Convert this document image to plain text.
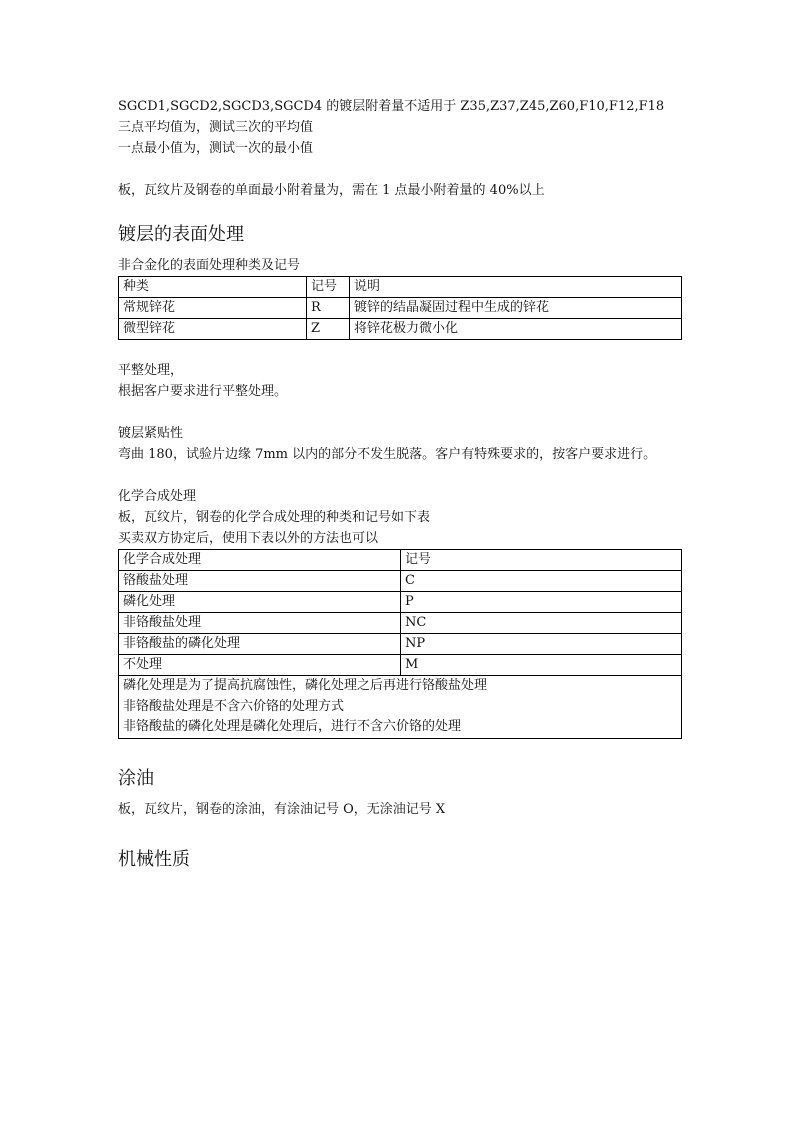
SGCD1,SGCD2,SGCD3,SGCD4 的镀层附着量不适用于 Z35,Z37,Z45,Z60,F10,F12,F18
三点平均值为，测试三次的平均值
一点最小值为，测试一次的最小值
板，瓦纹片及钢卷的单面最小附着量为，需在 1 点最小附着量的 40%以上
镀层的表面处理
非合金化的表面处理种类及记号
种类	记号	说明
常规锌花	R	镀锌的结晶凝固过程中生成的锌花
微型锌花	Z	将锌花极力微小化
平整处理，
根据客户要求进行平整处理。
镀层紧贴性
弯曲 180，试验片边缘 7mm 以内的部分不发生脱落。客户有特殊要求的，按客户要求进行。
化学合成处理
板，瓦纹片，钢卷的化学合成处理的种类和记号如下表
买卖双方协定后，使用下表以外的方法也可以
化学合成处理	记号
铬酸盐处理	C
磷化处理	P
非铬酸盐处理	NC
非铬酸盐的磷化处理	NP
不处理	M

磷化处理是为了提高抗腐蚀性，磷化处理之后再进行铬酸盐处理
非铬酸盐处理是不含六价铬的处理方式
非铬酸盐的磷化处理是磷化处理后，进行不含六价铬的处理	
涂油
板，瓦纹片，钢卷的涂油，有涂油记号 O，无涂油记号 X
机械性质
